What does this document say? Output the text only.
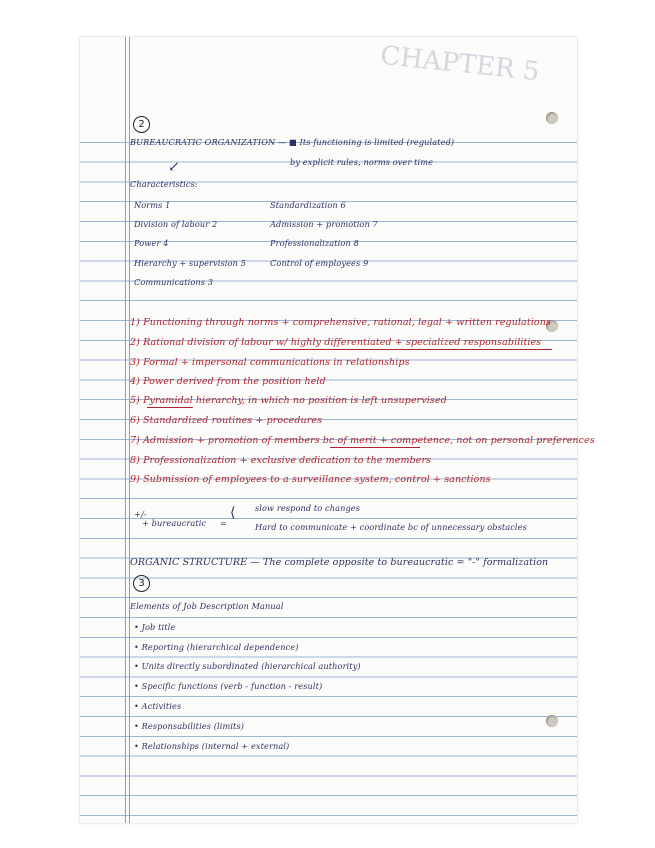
CHAPTER 5
2
BUREAUCRATIC ORGANIZATION — ■ Its functioning is limited (regulated)
by explicit rules, norms over time
↙
Characteristics:
Norms 1
Division of labour 2
Power 4
Hierarchy + supervision 5
Communications 3
Standardization 6
Admission + promotion 7
Professionalization 8
Control of employees 9
1) Functioning through norms + comprehensive, rational, legal + written regulations
2) Rational division of labour w/ highly differentiated + specialized responsabilities
3) Formal + impersonal communications in relationships
4) Power derived from the position held
5) Pyramidal hierarchy, in which no position is left unsupervised
6) Standardized routines + procedures
7) Admission + promotion of members bc of merit + competence, not on personal preferences
8) Professionalization + exclusive dedication to the members
9) Submission of employees to a surveillance system, control + sanctions
+/-
+ bureaucratic =
⟨ slow respond to changes
Hard to communicate + coordinate bc of unnecessary obstacles
ORGANIC STRUCTURE — The complete opposite to bureaucratic = "-" formalization
3
Elements of Job Description Manual
• Job title
• Reporting (hierarchical dependence)
• Units directly subordinated (hierarchical authority)
• Specific functions (verb - function - result)
• Activities
• Responsabilities (limits)
• Relationships (internal + external)
